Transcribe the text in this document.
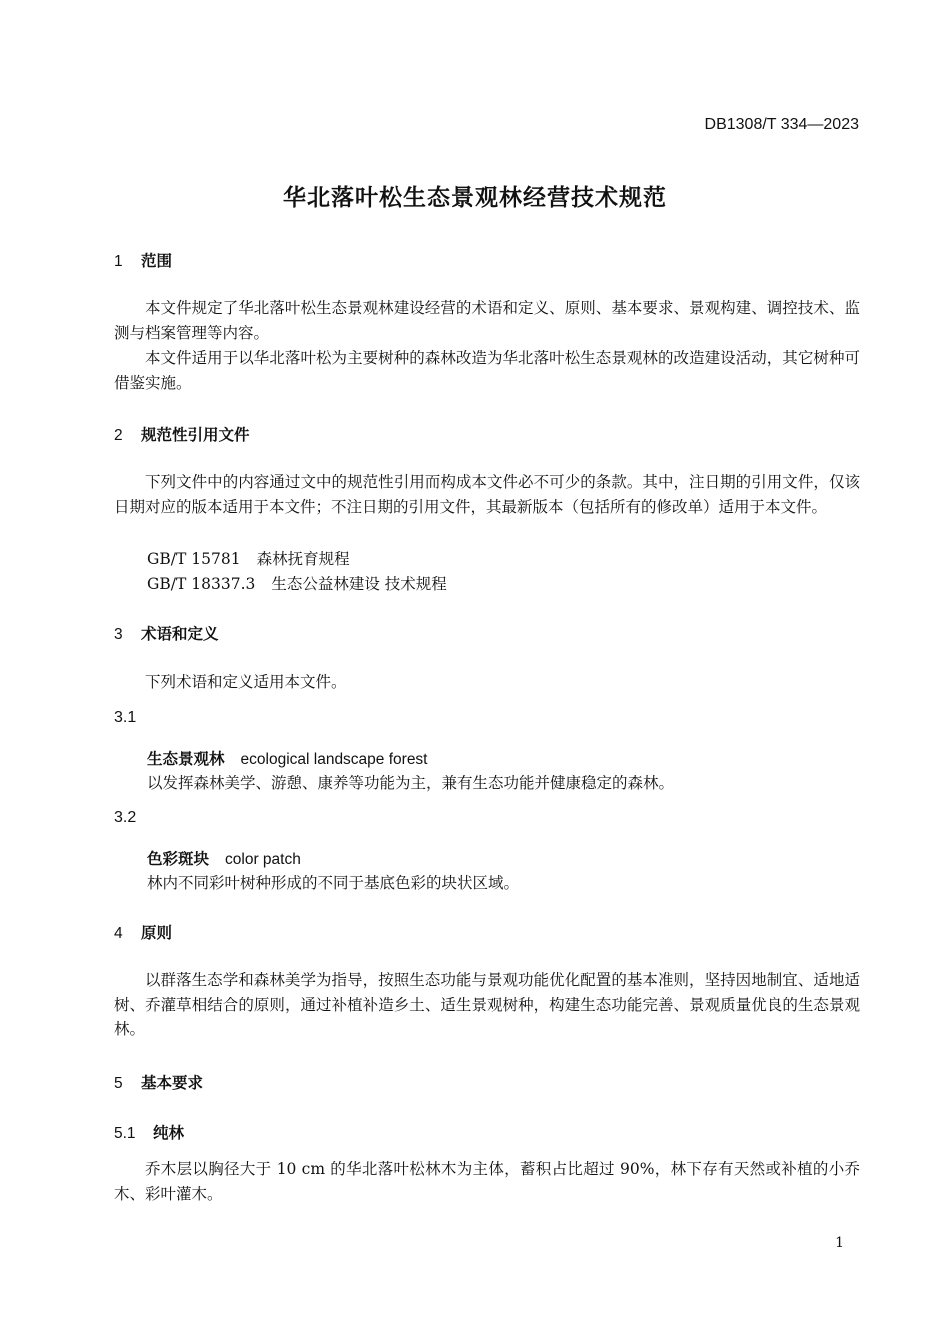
DB1308/T 334—2023
华北落叶松生态景观林经营技术规范
1 范围
本文件规定了华北落叶松生态景观林建设经营的术语和定义、原则、基本要求、景观构建、调控技术、监测与档案管理等内容。
本文件适用于以华北落叶松为主要树种的森林改造为华北落叶松生态景观林的改造建设活动，其它树种可借鉴实施。
2 规范性引用文件
下列文件中的内容通过文中的规范性引用而构成本文件必不可少的条款。其中，注日期的引用文件，仅该日期对应的版本适用于本文件；不注日期的引用文件，其最新版本（包括所有的修改单）适用于本文件。
GB/T 15781 森林抚育规程
GB/T 18337.3 生态公益林建设 技术规程
3 术语和定义
下列术语和定义适用本文件。
3.1
生态景观林 ecological landscape forest
以发挥森林美学、游憩、康养等功能为主，兼有生态功能并健康稳定的森林。
3.2
色彩斑块 color patch
林内不同彩叶树种形成的不同于基底色彩的块状区域。
4 原则
以群落生态学和森林美学为指导，按照生态功能与景观功能优化配置的基本准则，坚持因地制宜、适地适树、乔灌草相结合的原则，通过补植补造乡土、适生景观树种，构建生态功能完善、景观质量优良的生态景观林。
5 基本要求
5.1 纯林
乔木层以胸径大于 10 cm 的华北落叶松林木为主体，蓄积占比超过 90%，林下存有天然或补植的小乔木、彩叶灌木。
1
